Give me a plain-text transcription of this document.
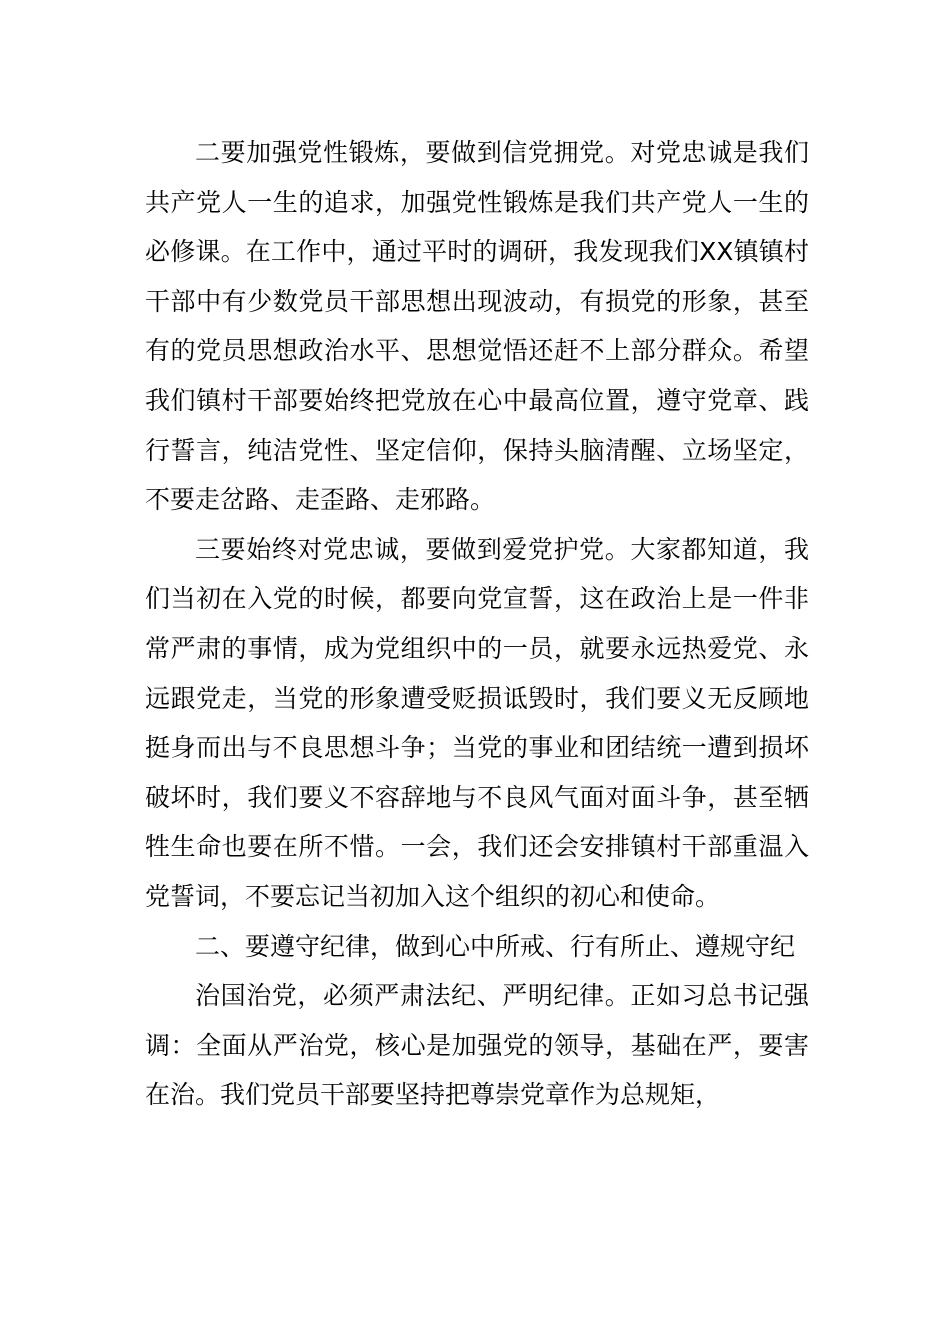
二要加强党性锻炼，要做到信党拥党。对党忠诚是我们共产党人一生的追求，加强党性锻炼是我们共产党人一生的必修课。在工作中，通过平时的调研，我发现我们XX镇镇村干部中有少数党员干部思想出现波动，有损党的形象，甚至有的党员思想政治水平、思想觉悟还赶不上部分群众。希望我们镇村干部要始终把党放在心中最高位置，遵守党章、践行誓言，纯洁党性、坚定信仰，保持头脑清醒、立场坚定，不要走岔路、走歪路、走邪路。

三要始终对党忠诚，要做到爱党护党。大家都知道，我们当初在入党的时候，都要向党宣誓，这在政治上是一件非常严肃的事情，成为党组织中的一员，就要永远热爱党、永远跟党走，当党的形象遭受贬损诋毁时，我们要义无反顾地挺身而出与不良思想斗争；当党的事业和团结统一遭到损坏破坏时，我们要义不容辞地与不良风气面对面斗争，甚至牺牲生命也要在所不惜。一会，我们还会安排镇村干部重温入党誓词，不要忘记当初加入这个组织的初心和使命。

二、要遵守纪律，做到心中所戒、行有所止、遵规守纪

治国治党，必须严肃法纪、严明纪律。正如习总书记强调：全面从严治党，核心是加强党的领导，基础在严，要害在治。我们党员干部要坚持把尊崇党章作为总规矩，
